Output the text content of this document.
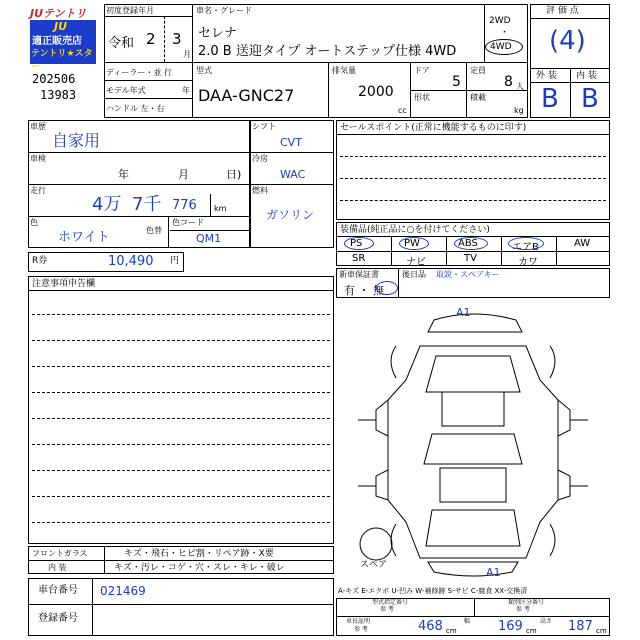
JUテントリ
JU
適正販売店
テントリ★スター
202506
13983
初度登録年月
令和 2 3
月
車名・グレード
セレナ
2.0 B 送迎タイプ オートステップ仕様 4WD
2WD
・
4WD
評 価 点
(4)
外 装 内 装
B B
ディーラー・並 行
モデル年式	年
ハンドル 左・右
型式
DAA-GNC27
排気量
2000
cc
ドア
5
形状
定員
8 人
積載
kg
車歴
自家用
車検
年	月	日)
走行
4万 7千 776 km
色
ホワイト	色替
色コード
QM1
シフト
CVT
冷房
WAC
燃料
ガソリン
R券	10,490 円
セールスポイント(正常に機能するものに印す)
装備品(純正品に○を付けてください)
PS	PW	ABS	エアB	AW
SR	ナビ	TV	カワ
新車保証書
有 ・ 無
後日品 取説・スペアキー
注意事項申告欄
A1
A1
スペア
A-キズ E-エクボ U-凹み W-補修跡 S-サビ C-腐食 XX-交換済
フロントガラス	キズ・飛石・ヒビ割・リペア跡・X要
内 装	キズ・汚レ・コゲ・穴・スレ・キレ・破レ
車台番号 021469
登録番号
型式指定番号
参 考
類別区分番号
参 考
車長証明
参 考	468 cm
幅 169 cm
高さ 187 cm
